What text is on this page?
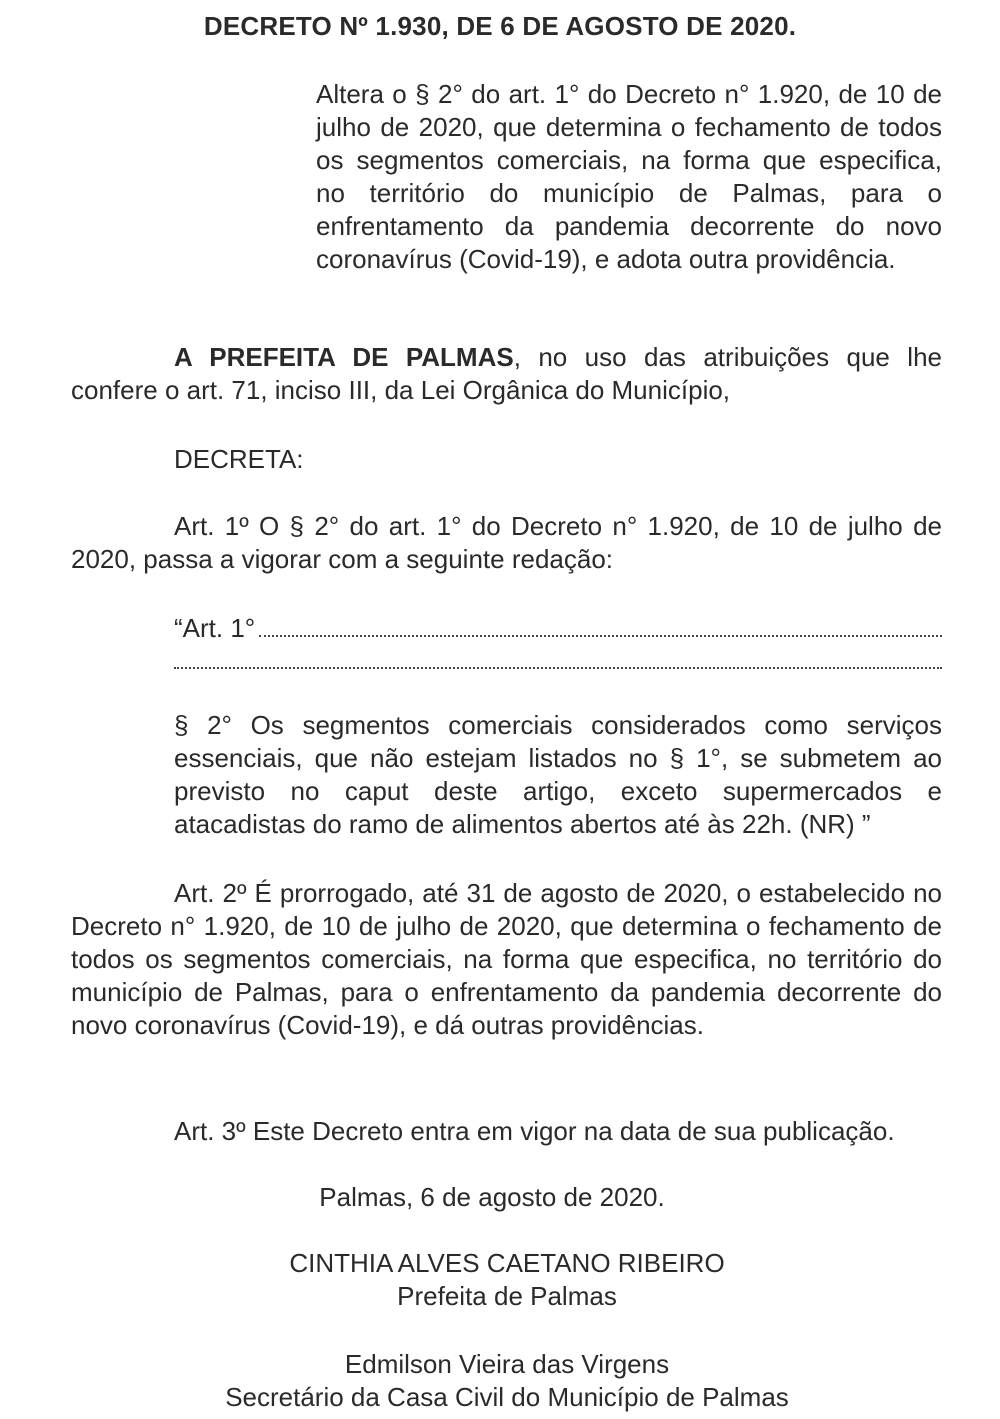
DECRETO Nº 1.930, DE 6 DE AGOSTO DE 2020.
Altera o § 2° do art. 1° do Decreto n° 1.920, de 10 de julho de 2020, que determina o fechamento de todos os segmentos comerciais, na forma que especifica, no território do município de Palmas, para o enfrentamento da pandemia decorrente do novo coronavírus (Covid-19), e adota outra providência.
A PREFEITA DE PALMAS, no uso das atribuições que lhe confere o art. 71, inciso III, da Lei Orgânica do Município,
DECRETA:
Art. 1º O § 2° do art. 1° do Decreto n° 1.920, de 10 de julho de 2020, passa a vigorar com a seguinte redação:
“Art. 1°
§ 2° Os segmentos comerciais considerados como serviços essenciais, que não estejam listados no § 1°, se submetem ao previsto no caput deste artigo, exceto supermercados e atacadistas do ramo de alimentos abertos até às 22h. (NR) ”
Art. 2º É prorrogado, até 31 de agosto de 2020, o estabelecido no Decreto n° 1.920, de 10 de julho de 2020, que determina o fechamento de todos os segmentos comerciais, na forma que especifica, no território do município de Palmas, para o enfrentamento da pandemia decorrente do novo coronavírus (Covid-19), e dá outras providências.
Art. 3º Este Decreto entra em vigor na data de sua publicação.
Palmas, 6 de agosto de 2020.
CINTHIA ALVES CAETANO RIBEIRO
Prefeita de Palmas
Edmilson Vieira das Virgens
Secretário da Casa Civil do Município de Palmas
